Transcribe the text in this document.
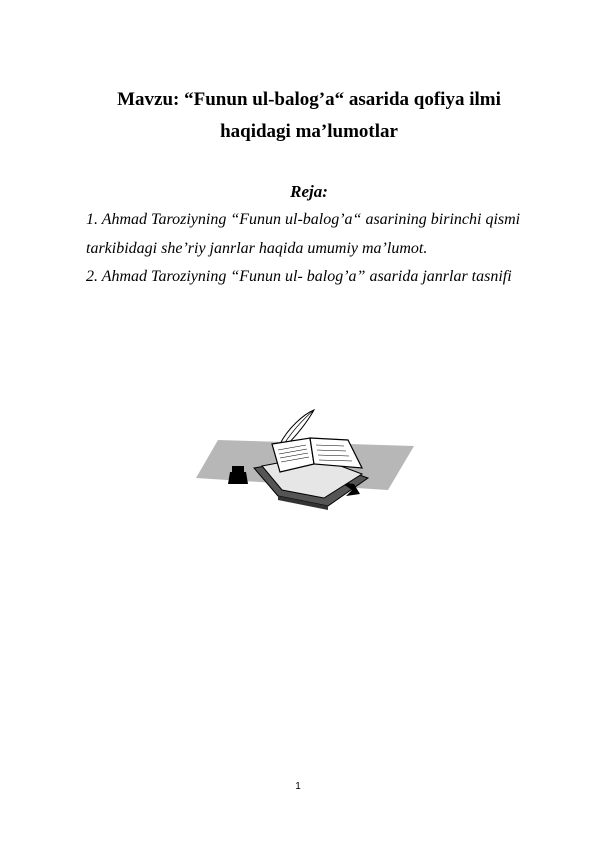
Mavzu: “Funun ul-balog’a“ asarida qofiya ilmi haqidagi ma’lumotlar

Reja:

1. Ahmad Taroziyning “Funun ul-balog’a“ asarining birinchi qismi tarkibidagi she’riy janrlar haqida umumiy ma’lumot.
2. Ahmad Taroziyning “Funun ul- balog’a” asarida janrlar tasnifi
1
